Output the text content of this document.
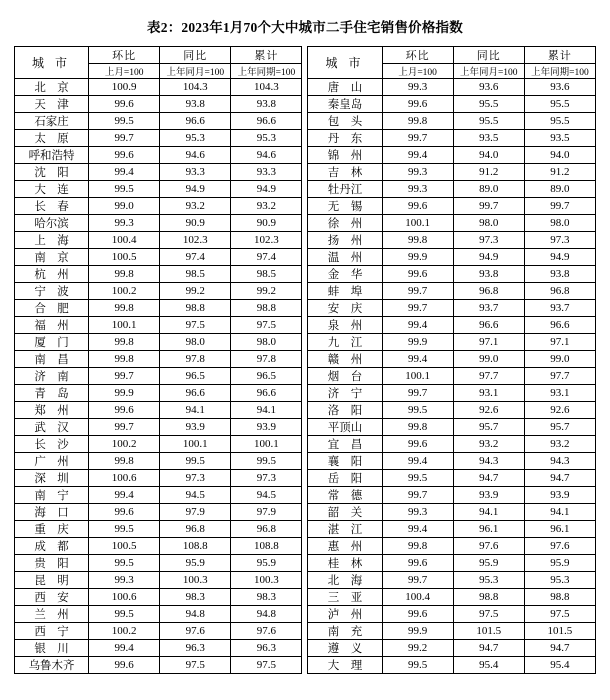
表2：2023年1月70个大中城市二手住宅销售价格指数
城 市	环比	同比	累计		城 市	环比	同比	累计
	上月=100	上年同月=100	上年同期=100			上月=100	上年同月=100	上年同期=100
北　京	100.9	104.3	104.3		唐　山	99.3	93.6	93.6
天　津	99.6	93.8	93.8		秦皇岛	99.6	95.5	95.5
石家庄	99.5	96.6	96.6		包　头	99.8	95.5	95.5
太　原	99.7	95.3	95.3		丹　东	99.7	93.5	93.5
呼和浩特	99.6	94.6	94.6		锦　州	99.4	94.0	94.0
沈　阳	99.4	93.3	93.3		吉　林	99.3	91.2	91.2
大　连	99.5	94.9	94.9		牡丹江	99.3	89.0	89.0
长　春	99.0	93.2	93.2		无　锡	99.6	99.7	99.7
哈尔滨	99.3	90.9	90.9		徐　州	100.1	98.0	98.0
上　海	100.4	102.3	102.3		扬　州	99.8	97.3	97.3
南　京	100.5	97.4	97.4		温　州	99.9	94.9	94.9
杭　州	99.8	98.5	98.5		金　华	99.6	93.8	93.8
宁　波	100.2	99.2	99.2		蚌　埠	99.7	96.8	96.8
合　肥	99.8	98.8	98.8		安　庆	99.7	93.7	93.7
福　州	100.1	97.5	97.5		泉　州	99.4	96.6	96.6
厦　门	99.8	98.0	98.0		九　江	99.9	97.1	97.1
南　昌	99.8	97.8	97.8		赣　州	99.4	99.0	99.0
济　南	99.7	96.5	96.5		烟　台	100.1	97.7	97.7
青　岛	99.9	96.6	96.6		济　宁	99.7	93.1	93.1
郑　州	99.6	94.1	94.1		洛　阳	99.5	92.6	92.6
武　汉	99.7	93.9	93.9		平顶山	99.8	95.7	95.7
长　沙	100.2	100.1	100.1		宜　昌	99.6	93.2	93.2
广　州	99.8	99.5	99.5		襄　阳	99.4	94.3	94.3
深　圳	100.6	97.3	97.3		岳　阳	99.5	94.7	94.7
南　宁	99.4	94.5	94.5		常　德	99.7	93.9	93.9
海　口	99.6	97.9	97.9		韶　关	99.3	94.1	94.1
重　庆	99.5	96.8	96.8		湛　江	99.4	96.1	96.1
成　都	100.5	108.8	108.8		惠　州	99.8	97.6	97.6
贵　阳	99.5	95.9	95.9		桂　林	99.6	95.9	95.9
昆　明	99.3	100.3	100.3		北　海	99.7	95.3	95.3
西　安	100.6	98.3	98.3		三　亚	100.4	98.8	98.8
兰　州	99.5	94.8	94.8		泸　州	99.6	97.5	97.5
西　宁	100.2	97.6	97.6		南　充	99.9	101.5	101.5
银　川	99.4	96.3	96.3		遵　义	99.2	94.7	94.7
乌鲁木齐	99.6	97.5	97.5		大　理	99.5	95.4	95.4
